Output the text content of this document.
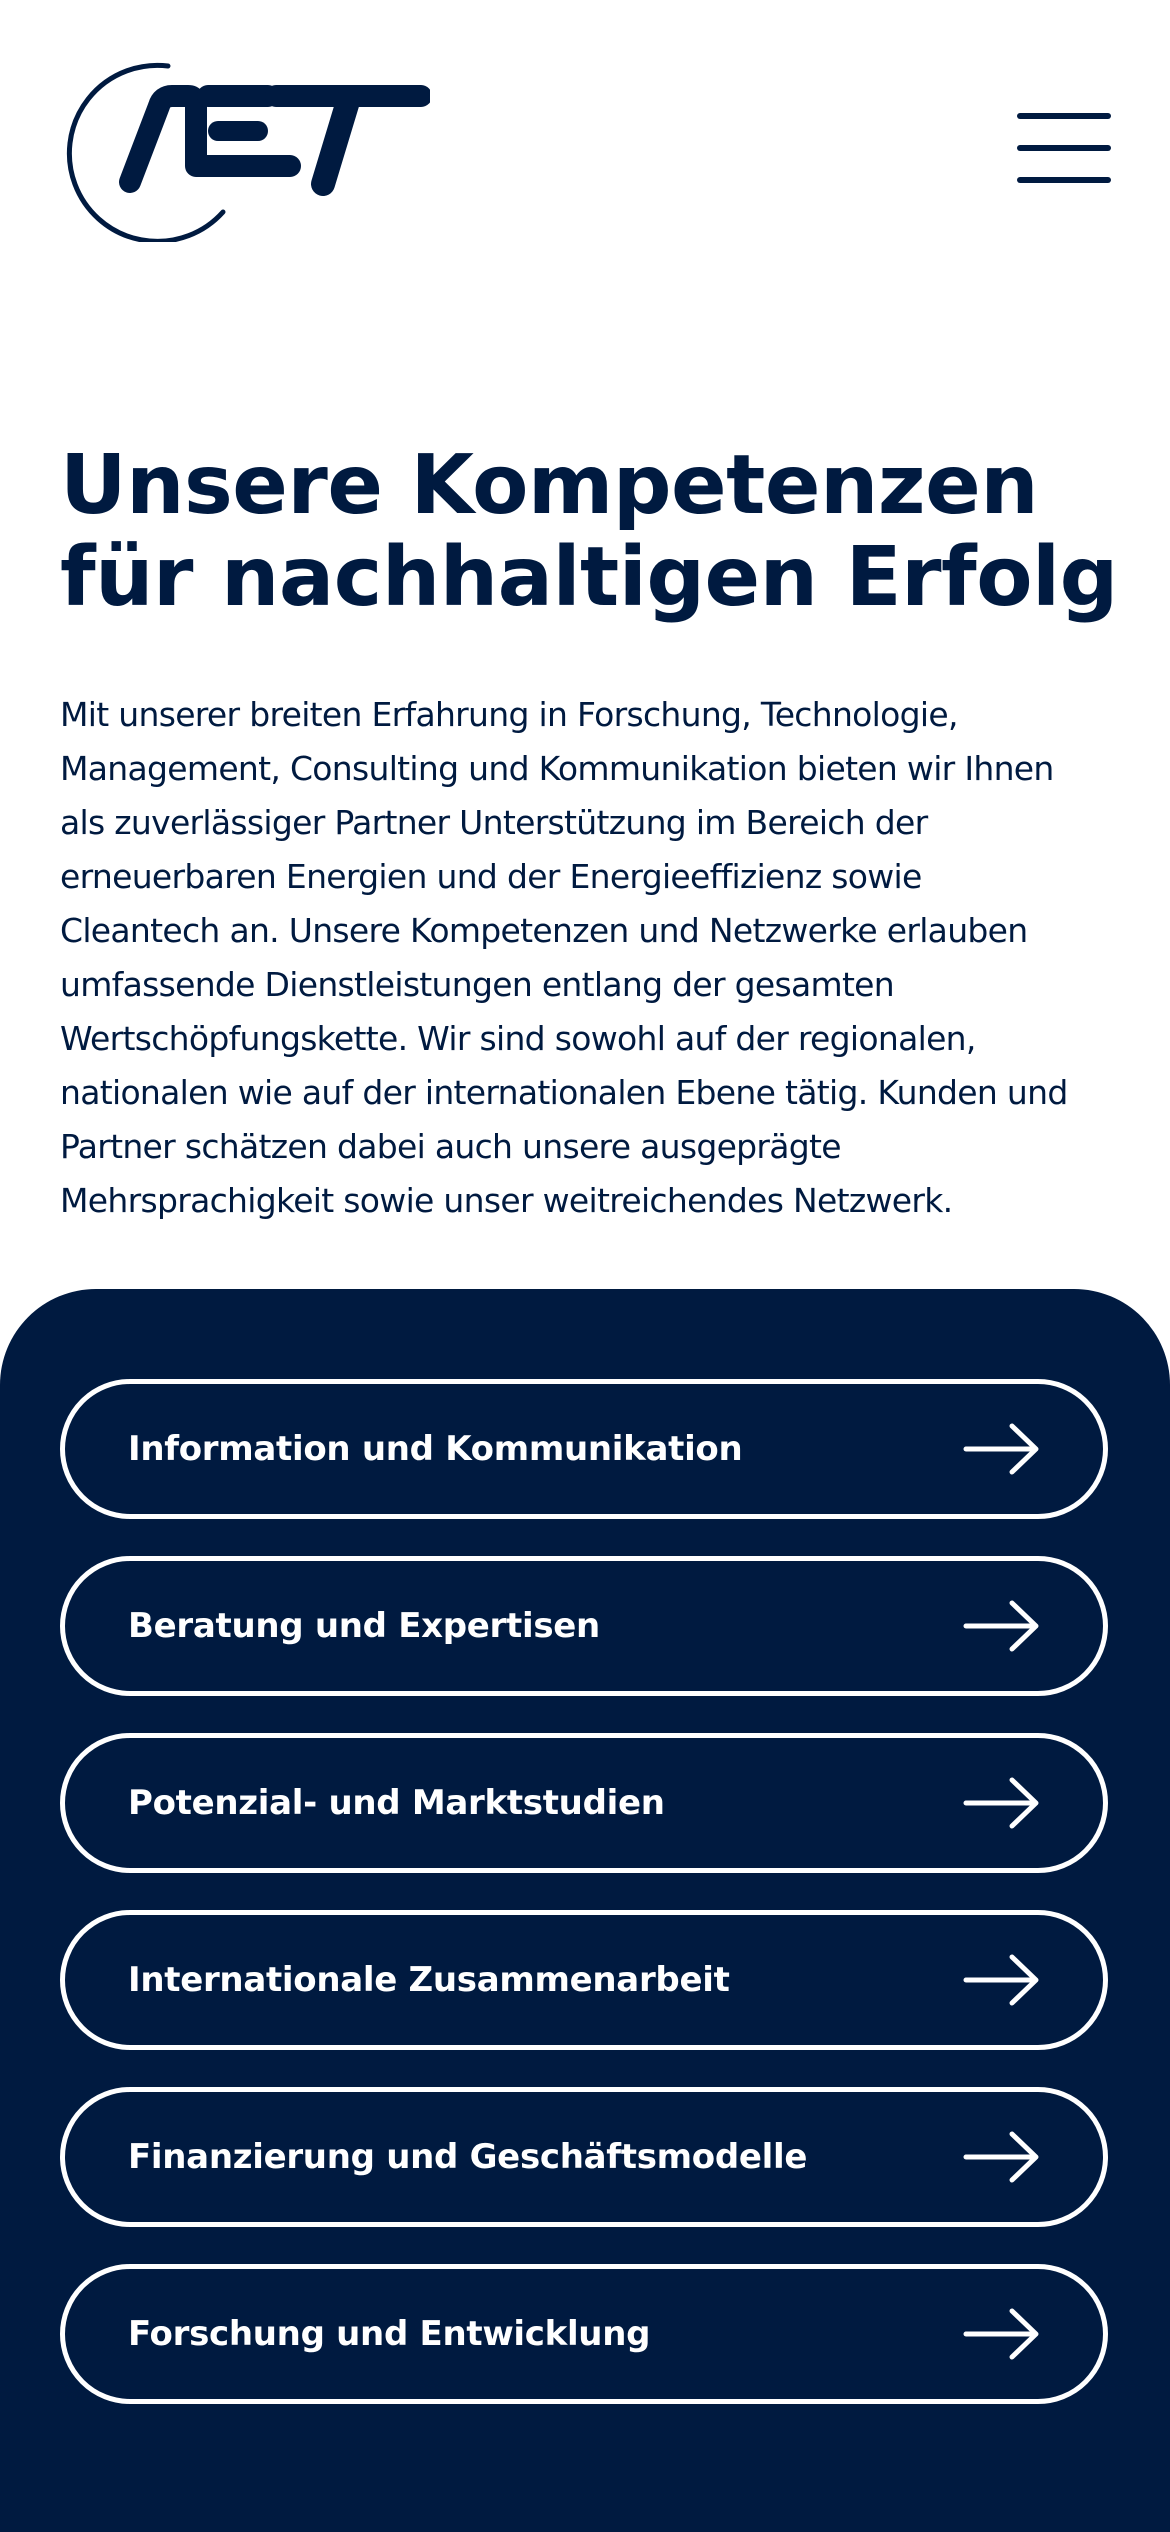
Unsere Kompetenzen
für nachhaltigen Erfolg

Mit unserer breiten Erfahrung in Forschung, Technologie,
Management, Consulting und Kommunikation bieten wir Ihnen
als zuverlässiger Partner Unterstützung im Bereich der
erneuerbaren Energien und der Energieeffizienz sowie
Cleantech an. Unsere Kompetenzen und Netzwerke erlauben
umfassende Dienstleistungen entlang der gesamten
Wertschöpfungskette. Wir sind sowohl auf der regionalen,
nationalen wie auf der internationalen Ebene tätig. Kunden und
Partner schätzen dabei auch unsere ausgeprägte
Mehrsprachigkeit sowie unser weitreichendes Netzwerk.

Information und Kommunikation
Beratung und Expertisen
Potenzial- und Marktstudien
Internationale Zusammenarbeit
Finanzierung und Geschäftsmodelle
Forschung und Entwicklung
